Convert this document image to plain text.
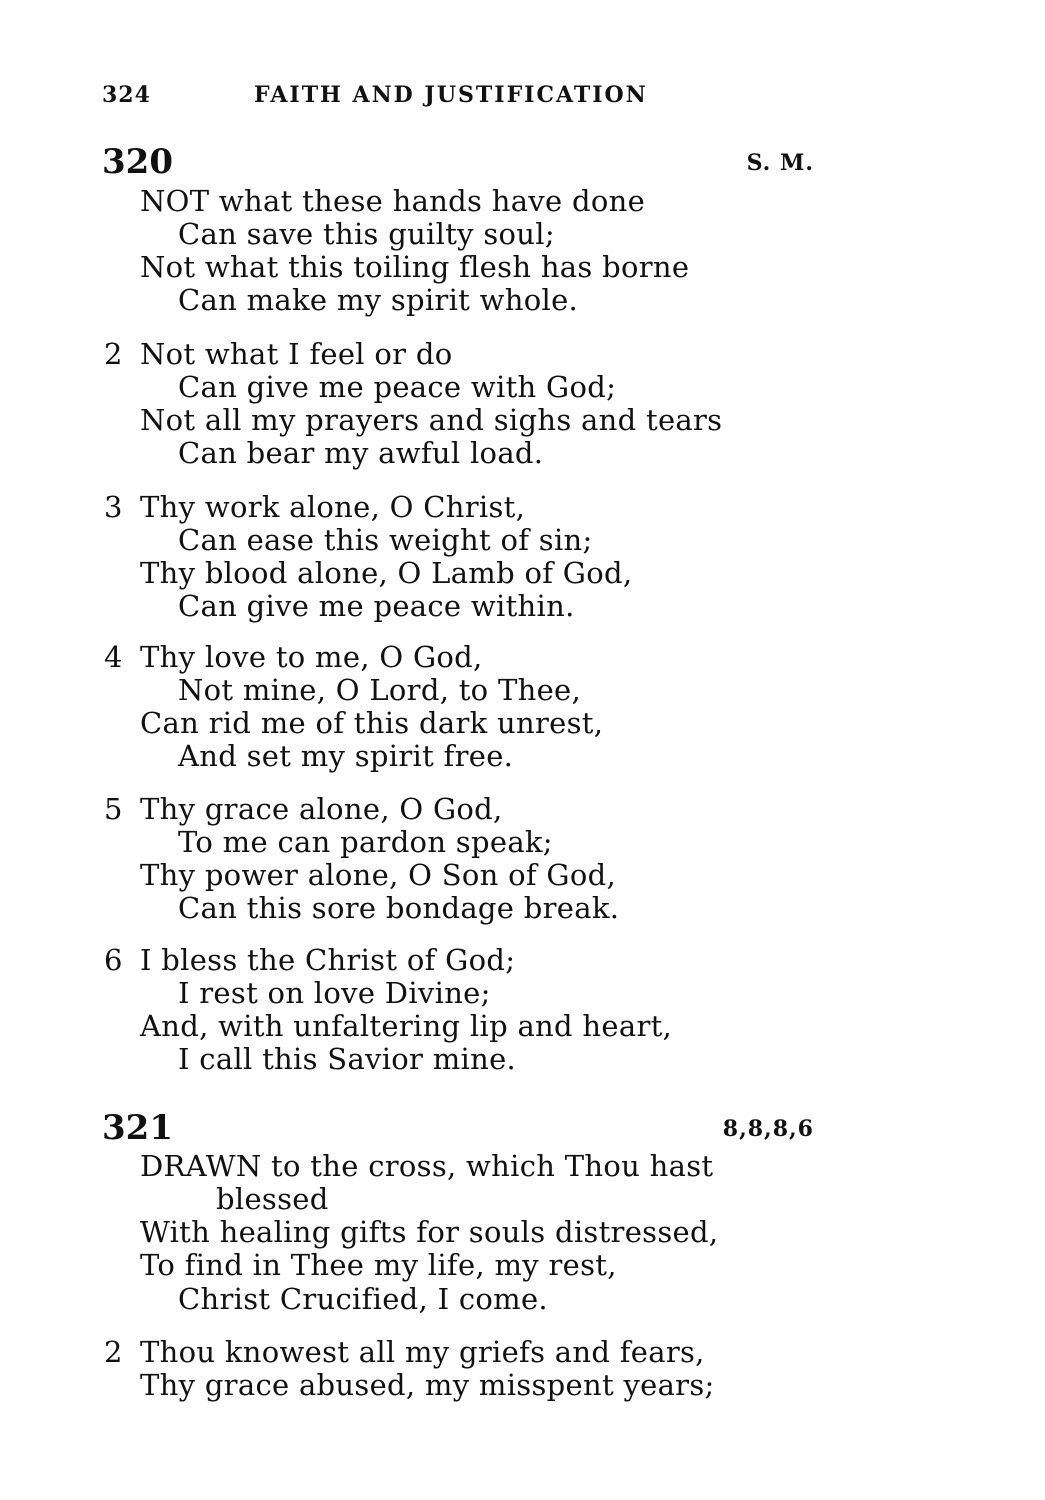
324	FAITH AND JUSTIFICATION
320	S. M.
NOT what these hands have done
Can save this guilty soul;
Not what this toiling flesh has borne
Can make my spirit whole.
2 Not what I feel or do
Can give me peace with God;
Not all my prayers and sighs and tears
Can bear my awful load.
3 Thy work alone, O Christ,
Can ease this weight of sin;
Thy blood alone, O Lamb of God,
Can give me peace within.
4 Thy love to me, O God,
Not mine, O Lord, to Thee,
Can rid me of this dark unrest,
And set my spirit free.
5 Thy grace alone, O God,
To me can pardon speak;
Thy power alone, O Son of God,
Can this sore bondage break.
6 I bless the Christ of God;
I rest on love Divine;
And, with unfaltering lip and heart,
I call this Savior mine.
321	8,8,8,6
DRAWN to the cross, which Thou hast
blessed
With healing gifts for souls distressed,
To find in Thee my life, my rest,
Christ Crucified, I come.
2 Thou knowest all my griefs and fears,
Thy grace abused, my misspent years;
